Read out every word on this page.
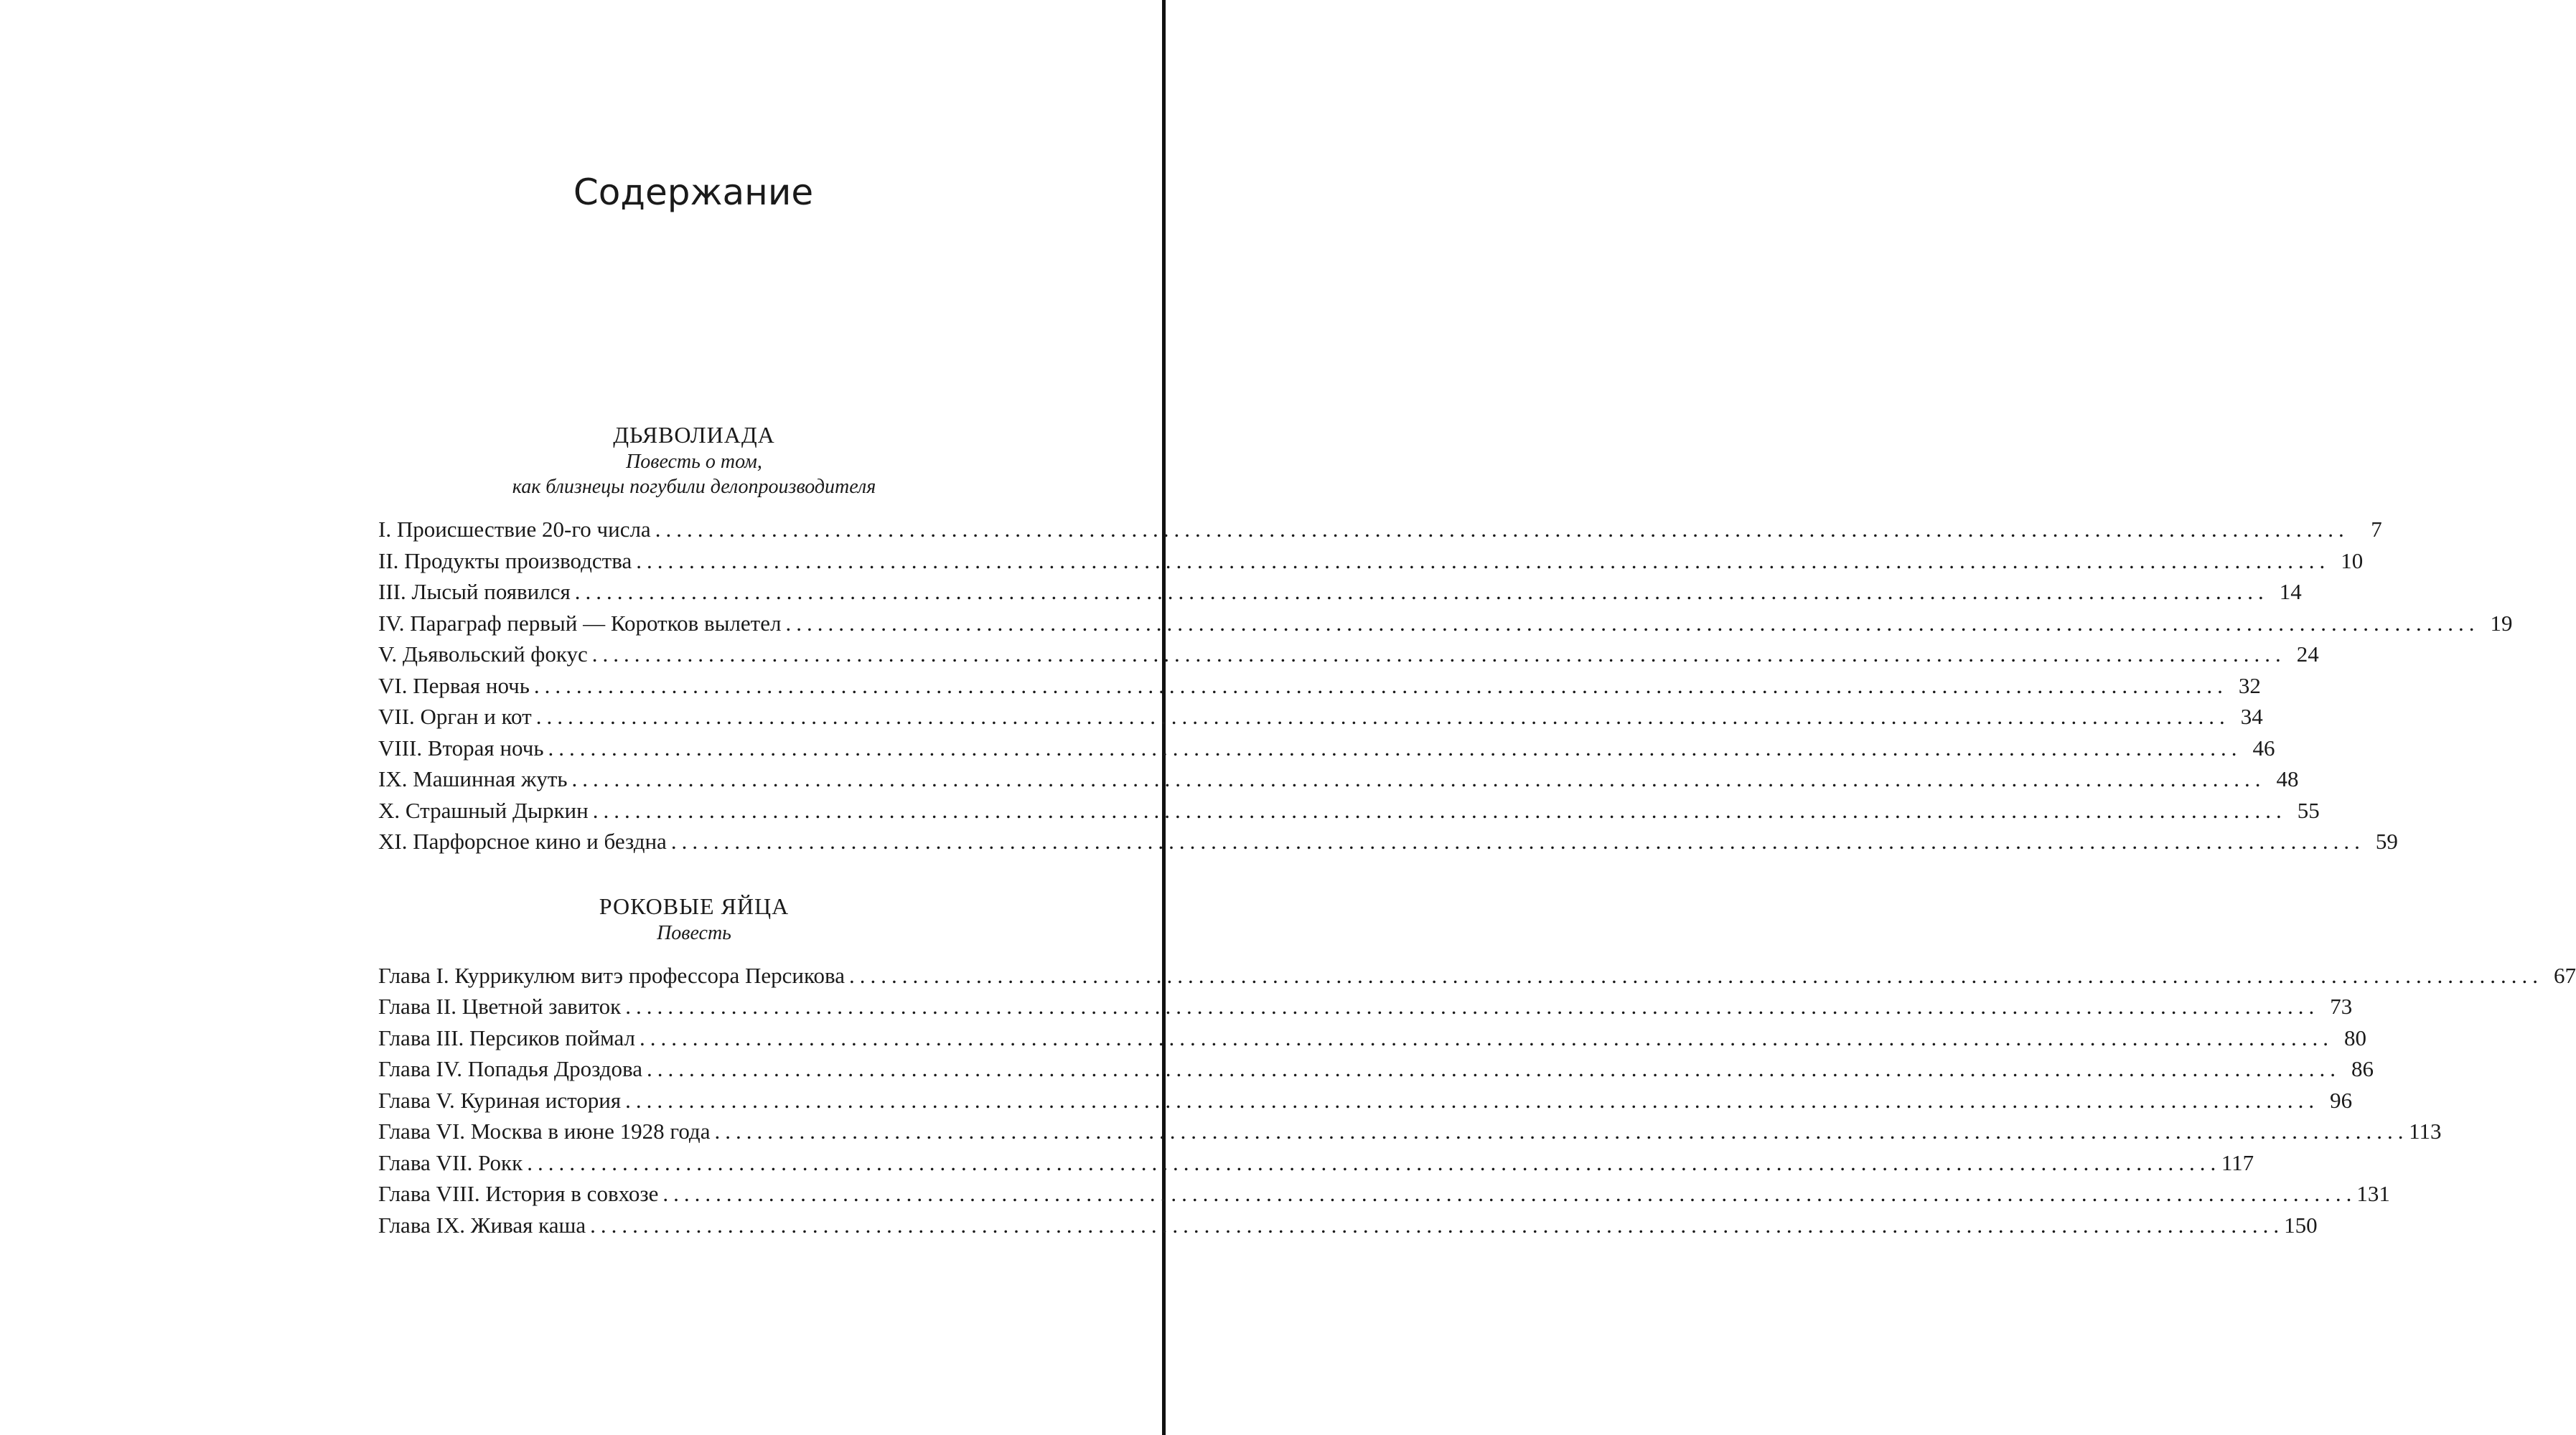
Содержание
ДЬЯВОЛИАДА
Повесть о том,
как близнецы погубили делопроизводителя
I. Происшествие 20-го числа ................................................................................................................................................................ 7
II. Продукты производства ................................................................................................................................................................ 10
III. Лысый появился ................................................................................................................................................................ 14
IV. Параграф первый — Коротков вылетел ................................................................................................................................................................ 19
V. Дьявольский фокус ................................................................................................................................................................ 24
VI. Первая ночь ................................................................................................................................................................ 32
VII. Орган и кот ................................................................................................................................................................ 34
VIII. Вторая ночь ................................................................................................................................................................ 46
IX. Машинная жуть ................................................................................................................................................................ 48
X. Страшный Дыркин ................................................................................................................................................................ 55
XI. Парфорсное кино и бездна ................................................................................................................................................................ 59
РОКОВЫЕ ЯЙЦА
Повесть
Глава I. Куррикулюм витэ профессора Персикова ................................................................................................................................................................ 67
Глава II. Цветной завиток ................................................................................................................................................................ 73
Глава III. Персиков поймал ................................................................................................................................................................ 80
Глава IV. Попадья Дроздова ................................................................................................................................................................ 86
Глава V. Куриная история ................................................................................................................................................................ 96
Глава VI. Москва в июне 1928 года ................................................................................................................................................................ 113
Глава VII. Рокк ................................................................................................................................................................ 117
Глава VIII. История в совхозе ................................................................................................................................................................ 131
Глава IX. Живая каша ................................................................................................................................................................ 150
